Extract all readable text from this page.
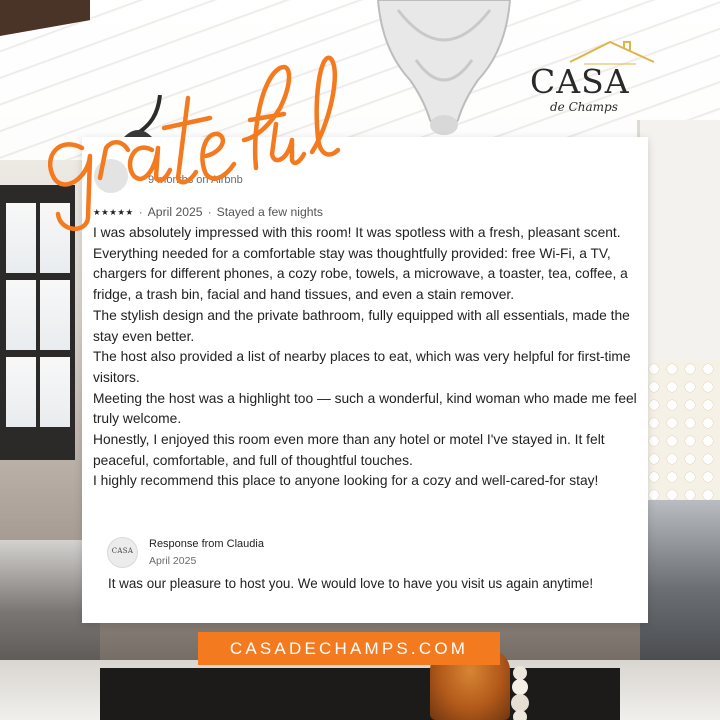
CASA
de Champs
9 months on Airbnb
★★★★★ · April 2025 · Stayed a few nights

I was absolutely impressed with this room! It was spotless with a fresh, pleasant scent. Everything needed for a comfortable stay was thoughtfully provided: free Wi-Fi, a TV, chargers for different phones, a cozy robe, towels, a microwave, a toaster, tea, coffee, a fridge, a trash bin, facial and hand tissues, and even a stain remover.

The stylish design and the private bathroom, fully equipped with all essentials, made the stay even better.

The host also provided a list of nearby places to eat, which was very helpful for first-time visitors.

Meeting the host was a highlight too — such a wonderful, kind woman who made me feel truly welcome.

Honestly, I enjoyed this room even more than any hotel or motel I've stayed in. It felt peaceful, comfortable, and full of thoughtful touches.

I highly recommend this place to anyone looking for a cozy and well-cared-for stay!

CASA
Response from Claudia
April 2025
It was our pleasure to host you. We would love to have you visit us again anytime!
CASADECHAMPS.COM
